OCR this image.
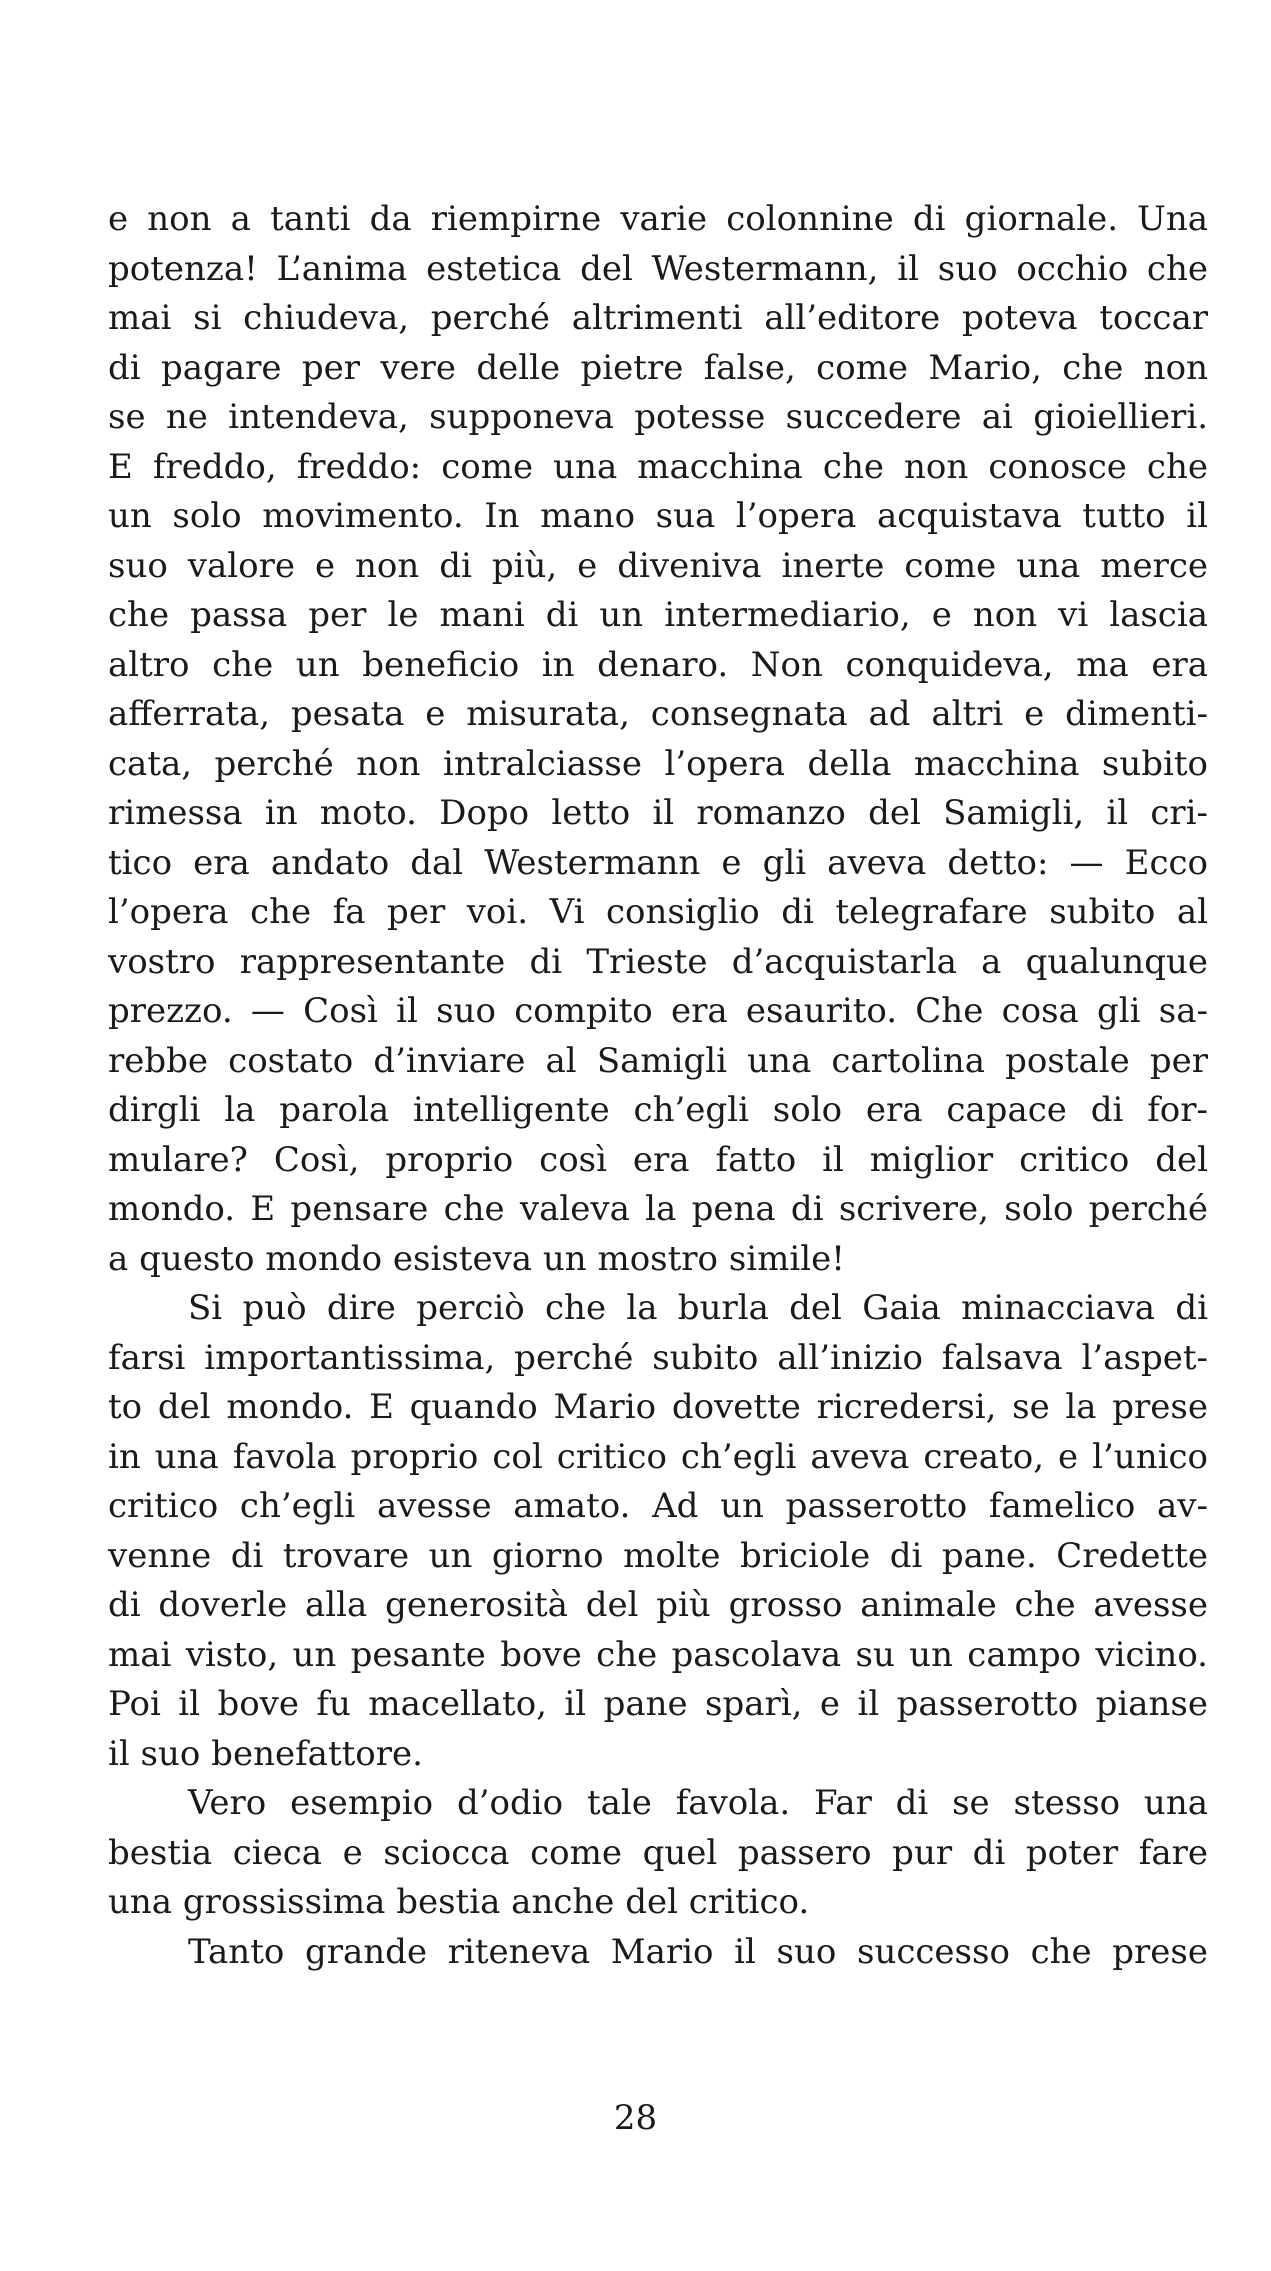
e non a tanti da riempirne varie colonnine di giornale. Una
potenza! L’anima estetica del Westermann, il suo occhio che
mai si chiudeva, perché altrimenti all’editore poteva toccar
di pagare per vere delle pietre false, come Mario, che non
se ne intendeva, supponeva potesse succedere ai gioiellieri.
E freddo, freddo: come una macchina che non conosce che
un solo movimento. In mano sua l’opera acquistava tutto il
suo valore e non di più, e diveniva inerte come una merce
che passa per le mani di un intermediario, e non vi lascia
altro che un beneficio in denaro. Non conquideva, ma era
afferrata, pesata e misurata, consegnata ad altri e dimenti-
cata, perché non intralciasse l’opera della macchina subito
rimessa in moto. Dopo letto il romanzo del Samigli, il cri-
tico era andato dal Westermann e gli aveva detto: — Ecco
l’opera che fa per voi. Vi consiglio di telegrafare subito al
vostro rappresentante di Trieste d’acquistarla a qualunque
prezzo. — Così il suo compito era esaurito. Che cosa gli sa-
rebbe costato d’inviare al Samigli una cartolina postale per
dirgli la parola intelligente ch’egli solo era capace di for-
mulare? Così, proprio così era fatto il miglior critico del
mondo. E pensare che valeva la pena di scrivere, solo perché
a questo mondo esisteva un mostro simile!
Si può dire perciò che la burla del Gaia minacciava di
farsi importantissima, perché subito all’inizio falsava l’aspet-
to del mondo. E quando Mario dovette ricredersi, se la prese
in una favola proprio col critico ch’egli aveva creato, e l’unico
critico ch’egli avesse amato. Ad un passerotto famelico av-
venne di trovare un giorno molte briciole di pane. Credette
di doverle alla generosità del più grosso animale che avesse
mai visto, un pesante bove che pascolava su un campo vicino.
Poi il bove fu macellato, il pane sparì, e il passerotto pianse
il suo benefattore.
Vero esempio d’odio tale favola. Far di se stesso una
bestia cieca e sciocca come quel passero pur di poter fare
una grossissima bestia anche del critico.
Tanto grande riteneva Mario il suo successo che prese
28
